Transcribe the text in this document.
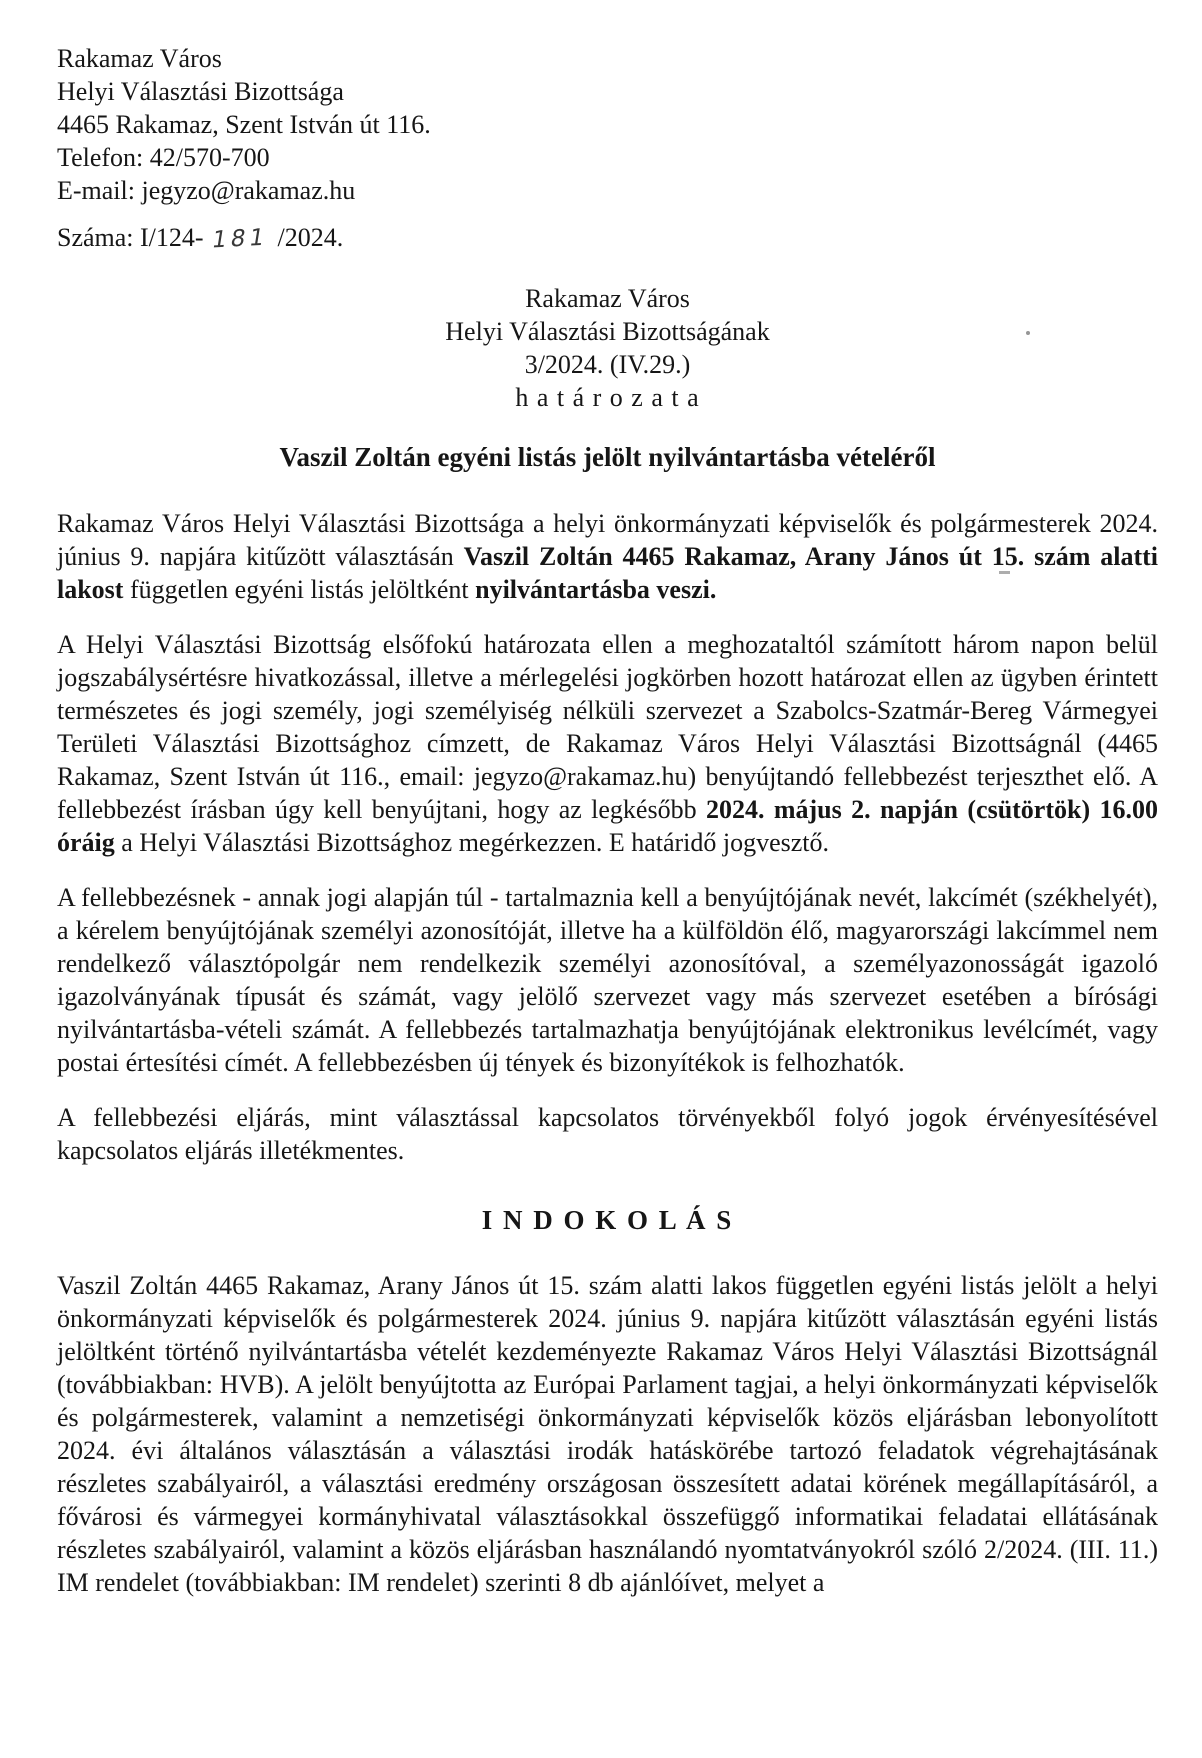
Rakamaz Város
Helyi Választási Bizottsága
4465 Rakamaz, Szent István út 116.
Telefon: 42/570-700
E-mail: jegyzo@rakamaz.hu
Száma: I/124- 181 /2024.
Rakamaz Város
Helyi Választási Bizottságának
3/2024. (IV.29.)
h a t á r o z a t a
Vaszil Zoltán egyéni listás jelölt nyilvántartásba vételéről

Rakamaz Város Helyi Választási Bizottsága a helyi önkormányzati képviselők és polgármesterek 2024. június 9. napjára kitűzött választásán Vaszil Zoltán 4465 Rakamaz, Arany János út 15. szám alatti lakost független egyéni listás jelöltként nyilvántartásba veszi.

A Helyi Választási Bizottság elsőfokú határozata ellen a meghozataltól számított három napon belül jogszabálysértésre hivatkozással, illetve a mérlegelési jogkörben hozott határozat ellen az ügyben érintett természetes és jogi személy, jogi személyiség nélküli szervezet a Szabolcs-Szatmár-Bereg Vármegyei Területi Választási Bizottsághoz címzett, de Rakamaz Város Helyi Választási Bizottságnál (4465 Rakamaz, Szent István út 116., email: jegyzo@rakamaz.hu) benyújtandó fellebbezést terjeszthet elő. A fellebbezést írásban úgy kell benyújtani, hogy az legkésőbb 2024. május 2. napján (csütörtök) 16.00 óráig a Helyi Választási Bizottsághoz megérkezzen. E határidő jogvesztő.

A fellebbezésnek - annak jogi alapján túl - tartalmaznia kell a benyújtójának nevét, lakcímét (székhelyét), a kérelem benyújtójának személyi azonosítóját, illetve ha a külföldön élő, magyarországi lakcímmel nem rendelkező választópolgár nem rendelkezik személyi azonosítóval, a személyazonosságát igazoló igazolványának típusát és számát, vagy jelölő szervezet vagy más szervezet esetében a bírósági nyilvántartásba-vételi számát. A fellebbezés tartalmazhatja benyújtójának elektronikus levélcímét, vagy postai értesítési címét. A fellebbezésben új tények és bizonyítékok is felhozhatók.

A fellebbezési eljárás, mint választással kapcsolatos törvényekből folyó jogok érvényesítésével kapcsolatos eljárás illetékmentes.

I N D O K O L Á S

Vaszil Zoltán 4465 Rakamaz, Arany János út 15. szám alatti lakos független egyéni listás jelölt a helyi önkormányzati képviselők és polgármesterek 2024. június 9. napjára kitűzött választásán egyéni listás jelöltként történő nyilvántartásba vételét kezdeményezte Rakamaz Város Helyi Választási Bizottságnál (továbbiakban: HVB). A jelölt benyújtotta az Európai Parlament tagjai, a helyi önkormányzati képviselők és polgármesterek, valamint a nemzetiségi önkormányzati képviselők közös eljárásban lebonyolított 2024. évi általános választásán a választási irodák hatáskörébe tartozó feladatok végrehajtásának részletes szabályairól, a választási eredmény országosan összesített adatai körének megállapításáról, a fővárosi és vármegyei kormányhivatal választásokkal összefüggő informatikai feladatai ellátásának részletes szabályairól, valamint a közös eljárásban használandó nyomtatványokról szóló 2/2024. (III. 11.) IM rendelet (továbbiakban: IM rendelet) szerinti 8 db ajánlóívet, melyet a
